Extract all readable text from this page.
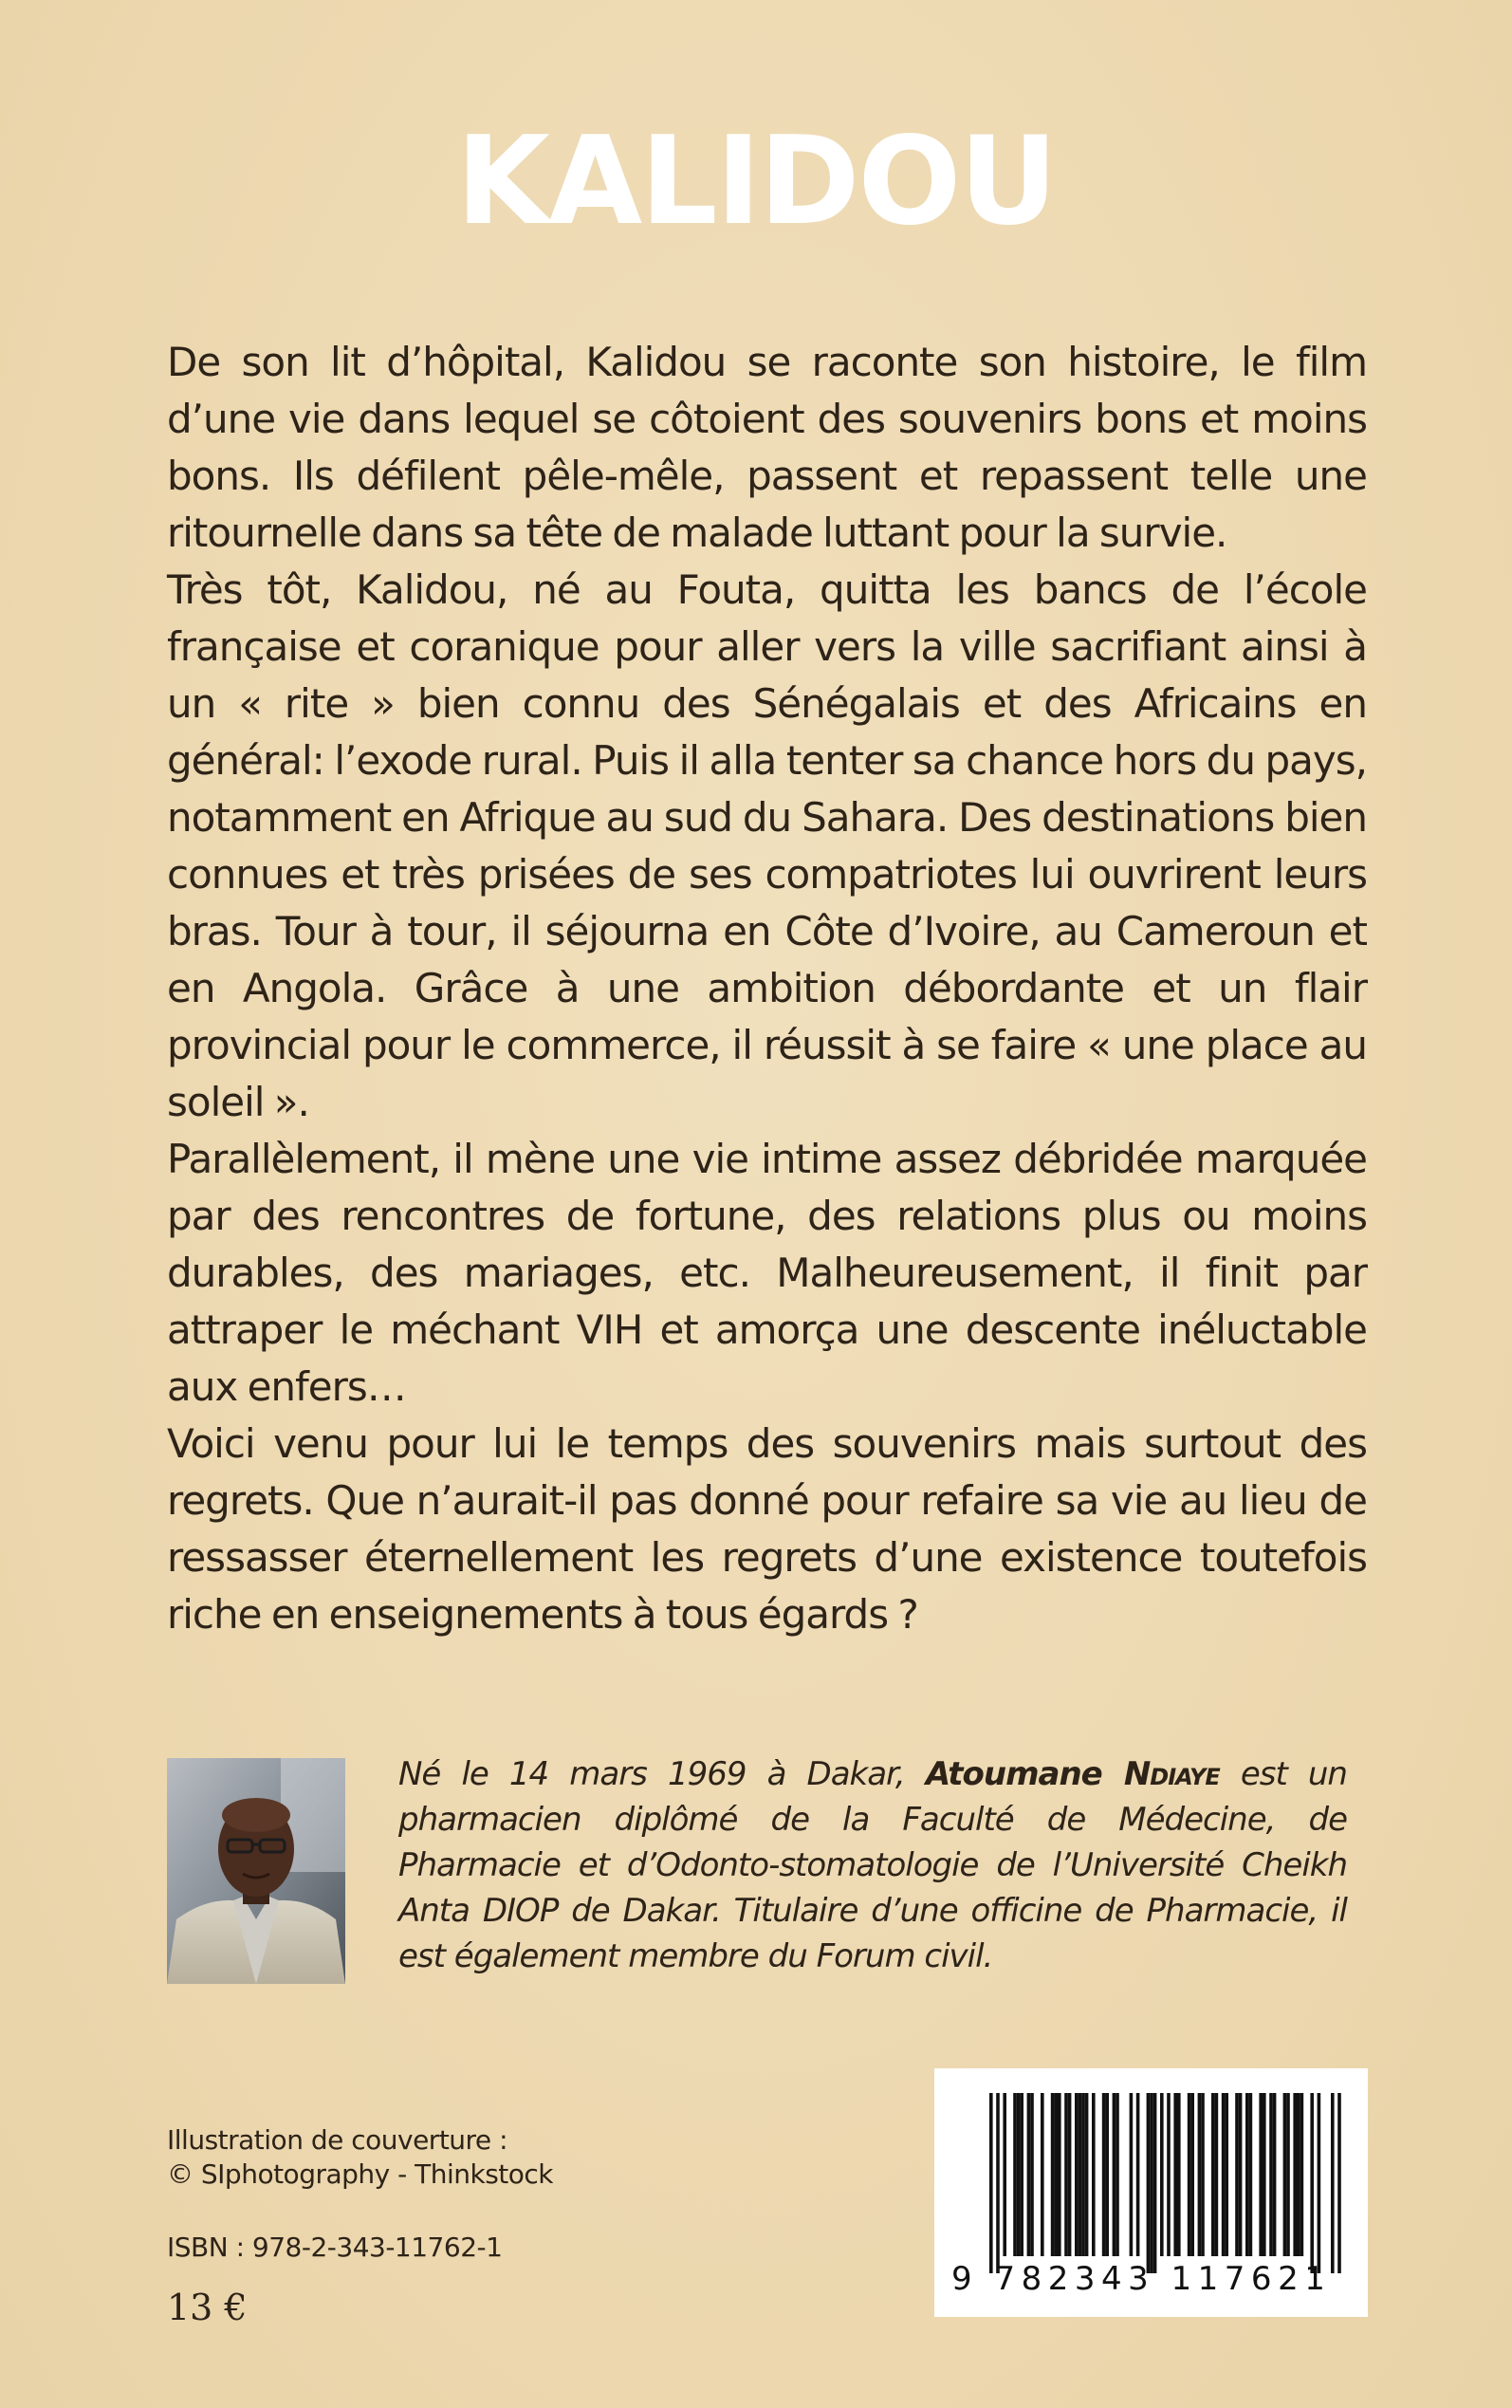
KALIDOU

De son lit d’hôpital, Kalidou se raconte son histoire, le film d’une vie dans lequel se côtoient des souvenirs bons et moins bons. Ils défilent pêle-mêle, passent et repassent telle une ritournelle dans sa tête de malade luttant pour la survie.

Très tôt, Kalidou, né au Fouta, quitta les bancs de l’école française et coranique pour aller vers la ville sacrifiant ainsi à un « rite » bien connu des Sénégalais et des Africains en général: l’exode rural. Puis il alla tenter sa chance hors du pays, notamment en Afrique au sud du Sahara. Des destinations bien connues et très prisées de ses compatriotes lui ouvrirent leurs bras. Tour à tour, il séjourna en Côte d’Ivoire, au Cameroun et en Angola. Grâce à une ambition débordante et un flair provincial pour le commerce, il réussit à se faire « une place au soleil ».

Parallèlement, il mène une vie intime assez débridée marquée par des rencontres de fortune, des relations plus ou moins durables, des mariages, etc. Malheureusement, il finit par attraper le méchant VIH et amorça une descente inéluctable aux enfers…

Voici venu pour lui le temps des souvenirs mais surtout des regrets. Que n’aurait-il pas donné pour refaire sa vie au lieu de ressasser éternellement les regrets d’une existence toutefois riche en enseignements à tous égards ?

Né le 14 mars 1969 à Dakar, Atoumane Ndiaye est un pharmacien diplômé de la Faculté de Médecine, de Pharmacie et d’Odonto-stomatologie de l’Université Cheikh Anta DIOP de Dakar. Titulaire d’une officine de Pharmacie, il est également membre du Forum civil.
Illustration de couverture :
© SIphotography - Thinkstock
ISBN : 978-2-343-11762-1
13 €
9 782343 117621
